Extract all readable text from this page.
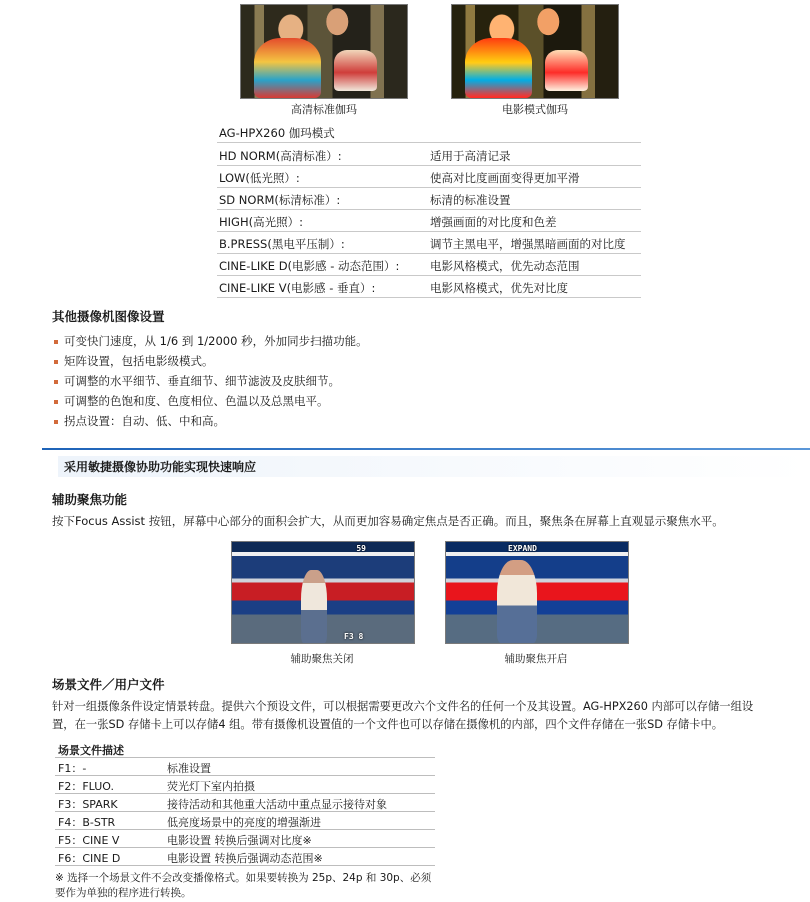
高清标准伽玛	电影模式伽玛
AG-HPX260 伽玛模式
HD NORM(高清标准）:	适用于高清记录
LOW(低光照）:	使高对比度画面变得更加平滑
SD NORM(标清标准）:	标清的标准设置
HIGH(高光照）:	增强画面的对比度和色差
B.PRESS(黑电平压制）:	调节主黑电平，增强黑暗画面的对比度
CINE-LIKE D(电影感 - 动态范围）:	电影风格模式，优先动态范围
CINE-LIKE V(电影感 - 垂直）:	电影风格模式，优先对比度
其他摄像机图像设置
可变快门速度，从 1/6 到 1/2000 秒，外加同步扫描功能。
矩阵设置，包括电影级模式。
可调整的水平细节、垂直细节、细节滤波及皮肤细节。
可调整的色饱和度、色度相位、色温以及总黑电平。
拐点设置：自动、低、中和高。
采用敏捷摄像协助功能实现快速响应
辅助聚焦功能
按下Focus Assist 按钮，屏幕中心部分的面积会扩大，从而更加容易确定焦点是否正确。而且，聚焦条在屏幕上直观显示聚焦水平。
59
F3 8
EXPAND
辅助聚焦关闭	辅助聚焦开启
场景文件／用户文件
针对一组摄像条件设定情景转盘。提供六个预设文件，可以根据需要更改六个文件名的任何一个及其设置。AG-HPX260 内部可以存储一组设
置，在一张SD 存储卡上可以存储4 组。带有摄像机设置值的一个文件也可以存储在摄像机的内部，四个文件存储在一张SD 存储卡中。
场景文件描述
F1：-	标准设置
F2：FLUO.	荧光灯下室内拍摄
F3：SPARK	接待活动和其他重大活动中重点显示接待对象
F4：B-STR	低亮度场景中的亮度的增强渐进
F5：CINE V	电影设置 转换后强调对比度※
F6：CINE D	电影设置 转换后强调动态范围※
※ 选择一个场景文件不会改变播像格式。如果要转换为 25p、24p 和 30p、必须
要作为单独的程序进行转换。
